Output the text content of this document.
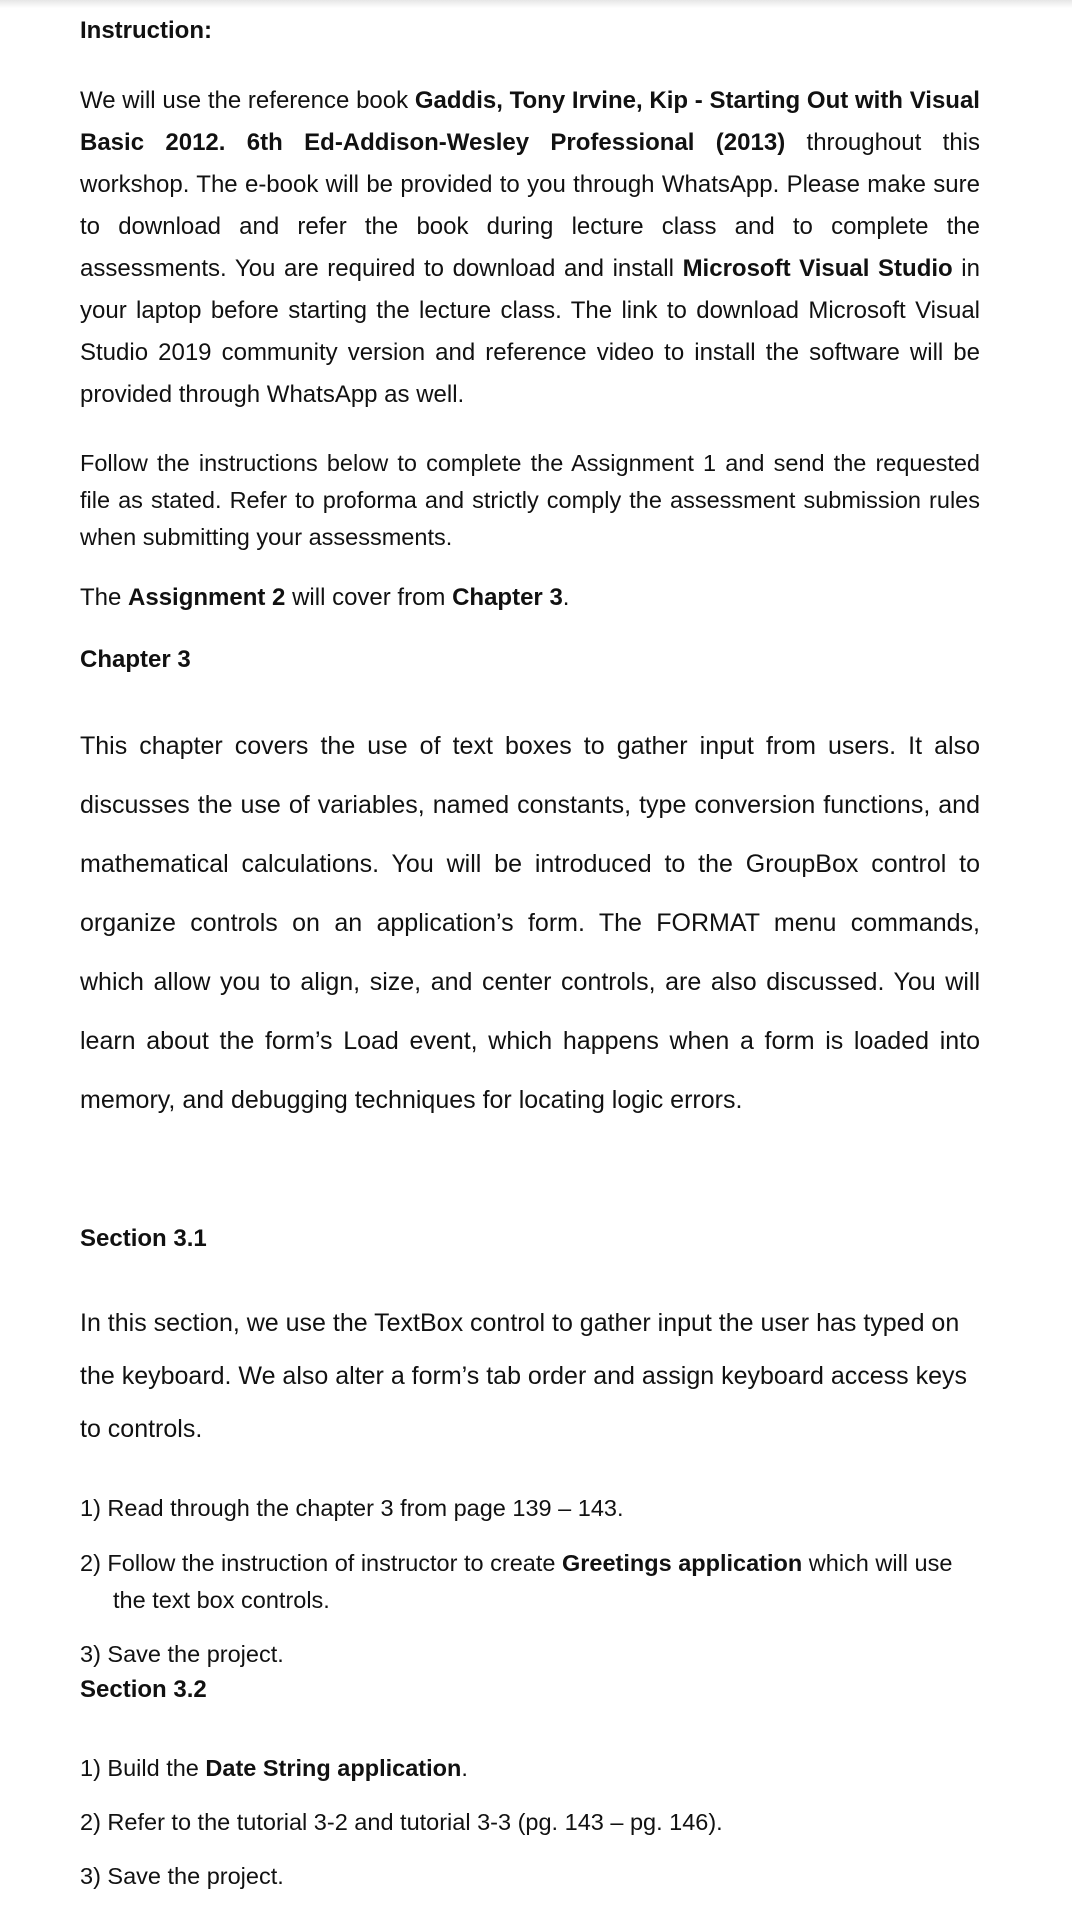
Instruction:

We will use the reference book Gaddis, Tony Irvine, Kip - Starting Out with Visual Basic 2012. 6th Ed-Addison-Wesley Professional (2013) throughout this workshop. The e-book will be provided to you through WhatsApp. Please make sure to download and refer the book during lecture class and to complete the assessments. You are required to download and install Microsoft Visual Studio in your laptop before starting the lecture class. The link to download Microsoft Visual Studio 2019 community version and reference video to install the software will be provided through WhatsApp as well.

Follow the instructions below to complete the Assignment 1 and send the requested file as stated. Refer to proforma and strictly comply the assessment submission rules when submitting your assessments.

The Assignment 2 will cover from Chapter 3.

Chapter 3

This chapter covers the use of text boxes to gather input from users. It also discusses the use of variables, named constants, type conversion functions, and mathematical calculations. You will be introduced to the GroupBox control to organize controls on an application’s form. The FORMAT menu commands, which allow you to align, size, and center controls, are also discussed. You will learn about the form’s Load event, which happens when a form is loaded into memory, and debugging techniques for locating logic errors.

Section 3.1

In this section, we use the TextBox control to gather input the user has typed on the keyboard. We also alter a form’s tab order and assign keyboard access keys to controls.

1) Read through the chapter 3 from page 139 – 143.
2) Follow the instruction of instructor to create Greetings application which will use
the text box controls.
3) Save the project.
Section 3.2
1) Build the Date String application.
2) Refer to the tutorial 3-2 and tutorial 3-3 (pg. 143 – pg. 146).
3) Save the project.
